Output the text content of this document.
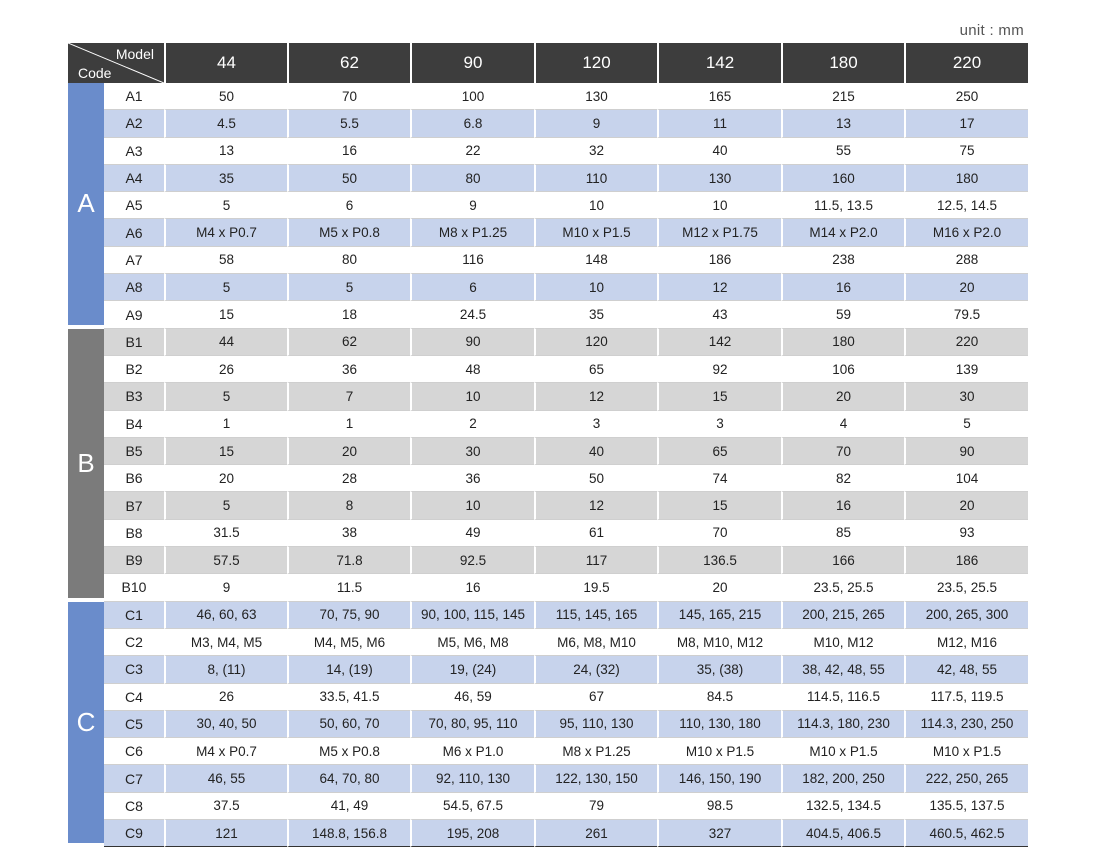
unit : mm
Model
Code		44	62	90	120	142	180	220
A	A1	50	70	100	130	165	215	250
	A2	4.5	5.5	6.8	9	11	13	17
	A3	13	16	22	32	40	55	75
	A4	35	50	80	110	130	160	180
	A5	5	6	9	10	10	11.5, 13.5	12.5, 14.5
	A6	M4 x P0.7	M5 x P0.8	M8 x P1.25	M10 x P1.5	M12 x P1.75	M14 x P2.0	M16 x P2.0
	A7	58	80	116	148	186	238	288
	A8	5	5	6	10	12	16	20
	A9	15	18	24.5	35	43	59	79.5
B	B1	44	62	90	120	142	180	220
	B2	26	36	48	65	92	106	139
	B3	5	7	10	12	15	20	30
	B4	1	1	2	3	3	4	5
	B5	15	20	30	40	65	70	90
	B6	20	28	36	50	74	82	104
	B7	5	8	10	12	15	16	20
	B8	31.5	38	49	61	70	85	93
	B9	57.5	71.8	92.5	117	136.5	166	186
	B10	9	11.5	16	19.5	20	23.5, 25.5	23.5, 25.5
C	C1	46, 60, 63	70, 75, 90	90, 100, 115, 145	115, 145, 165	145, 165, 215	200, 215, 265	200, 265, 300
	C2	M3, M4, M5	M4, M5, M6	M5, M6, M8	M6, M8, M10	M8, M10, M12	M10, M12	M12, M16
	C3	8, (11)	14, (19)	19, (24)	24, (32)	35, (38)	38, 42, 48, 55	42, 48, 55
	C4	26	33.5, 41.5	46, 59	67	84.5	114.5, 116.5	117.5, 119.5
	C5	30, 40, 50	50, 60, 70	70, 80, 95, 110	95, 110, 130	110, 130, 180	114.3, 180, 230	114.3, 230, 250
	C6	M4 x P0.7	M5 x P0.8	M6 x P1.0	M8 x P1.25	M10 x P1.5	M10 x P1.5	M10 x P1.5
	C7	46, 55	64, 70, 80	92, 110, 130	122, 130, 150	146, 150, 190	182, 200, 250	222, 250, 265
	C8	37.5	41, 49	54.5, 67.5	79	98.5	132.5, 134.5	135.5, 137.5
	C9	121	148.8, 156.8	195, 208	261	327	404.5, 406.5	460.5, 462.5
